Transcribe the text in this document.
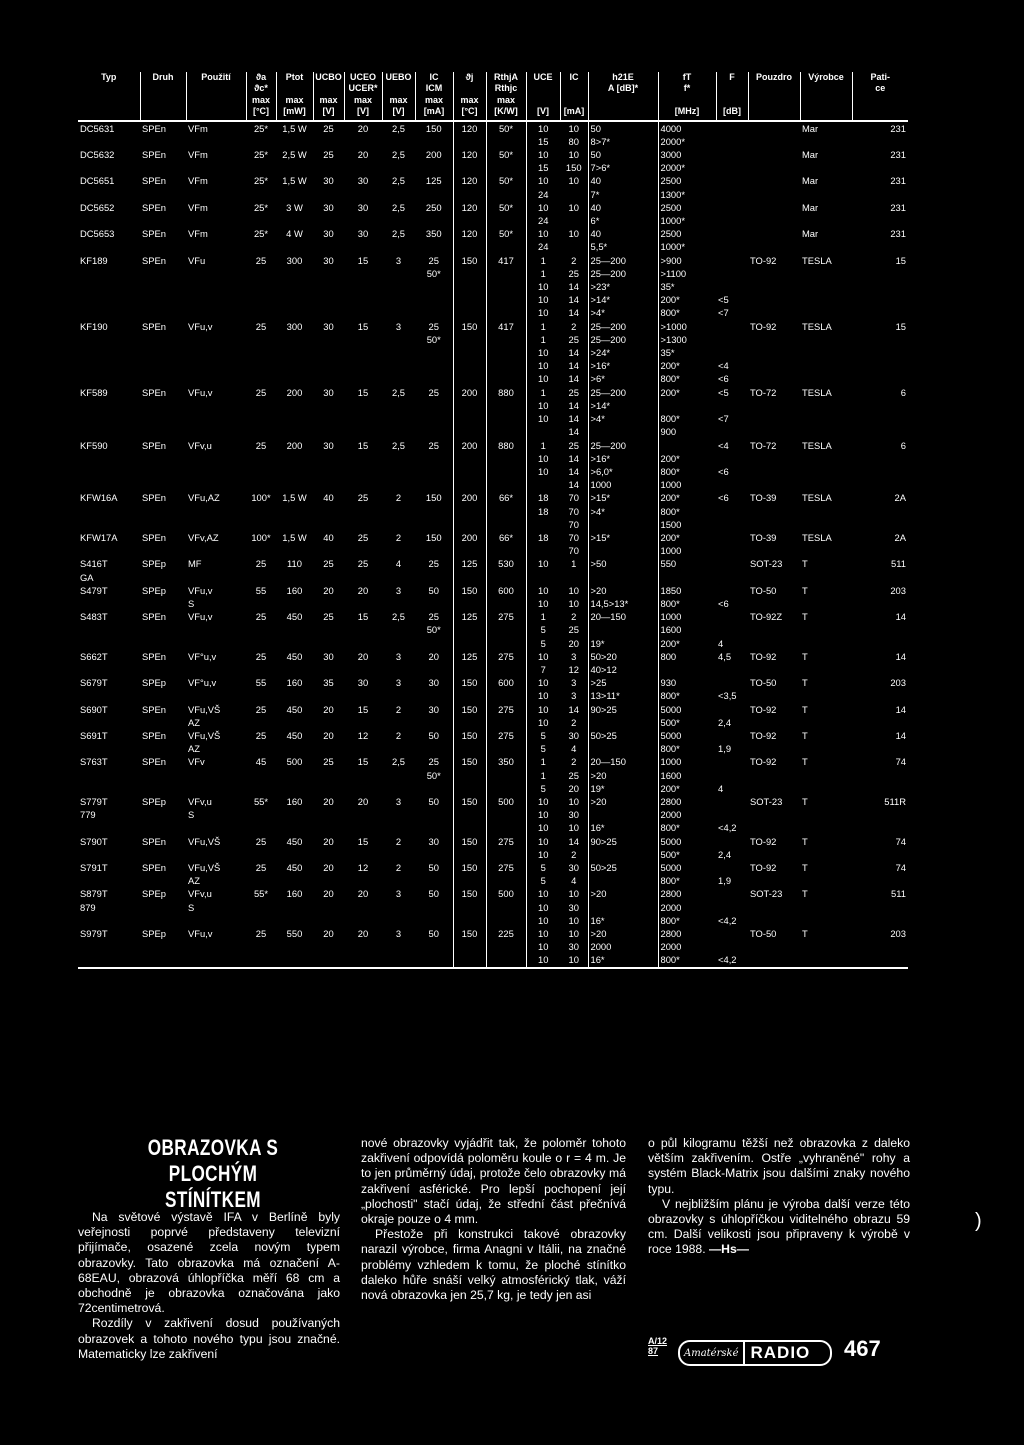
Typ	Druh	Použití	ϑa	Ptot	UCBO	UCEO	UEBO	IC	ϑj	RthjA	UCE	IC	h21E	fT	F	Pouzdro	Výrobce	Pati-
			ϑc*			UCER*		ICM		Rthjc			A [dB]*	f*				ce
			max	max	max	max	max	max	max	max								
			[°C]	[mW]	[V]	[V]	[V]	[mA]	[°C]	[K/W]	[V]	[mA]		[MHz]	[dB]			
DC5631	SPEn	VFm	25*	1,5 W	25	20	2,5	150	120	50*	10	10	50	4000			Mar	231
											15	80	8>7*	2000*				
DC5632	SPEn	VFm	25*	2,5 W	25	20	2,5	200	120	50*	10	10	50	3000			Mar	231
											15	150	7>6*	2000*				
DC5651	SPEn	VFm	25*	1,5 W	30	30	2,5	125	120	50*	10	10	40	2500			Mar	231
											24		7*	1300*				
DC5652	SPEn	VFm	25*	3 W	30	30	2,5	250	120	50*	10	10	40	2500			Mar	231
											24		6*	1000*				
DC5653	SPEn	VFm	25*	4 W	30	30	2,5	350	120	50*	10	10	40	2500			Mar	231
											24		5,5*	1000*				
KF189	SPEn	VFu	25	300	30	15	3	25	150	417	1	2	25—200	>900		TO-92	TESLA	15
								50*			1	25	25—200	>1100				
											10	14	>23*	35*				
											10	14	>14*	200*	<5			
											10	14	>4*	800*	<7			
KF190	SPEn	VFu,v	25	300	30	15	3	25	150	417	1	2	25—200	>1000		TO-92	TESLA	15
								50*			1	25	25—200	>1300				
											10	14	>24*	35*				
											10	14	>16*	200*	<4			
											10	14	>6*	800*	<6			
KF589	SPEn	VFu,v	25	200	30	15	2,5	25	200	880	1	25	25—200	200*	<5	TO-72	TESLA	6
											10	14	>14*					
											10	14	>4*	800*	<7			
												14		900				
KF590	SPEn	VFv,u	25	200	30	15	2,5	25	200	880	1	25	25—200		<4	TO-72	TESLA	6
											10	14	>16*	200*				
											10	14	>6,0*	800*	<6			
												14	1000	1000				
KFW16A	SPEn	VFu,AZ	100*	1,5 W	40	25	2	150	200	66*	18	70	>15*	200*	<6	TO-39	TESLA	2A
											18	70	>4*	800*				
												70		1500				
KFW17A	SPEn	VFv,AZ	100*	1,5 W	40	25	2	150	200	66*	18	70	>15*	200*		TO-39	TESLA	2A
												70		1000				
S416T	SPEp	MF	25	110	25	25	4	25	125	530	10	1	>50	550		SOT-23	T	511
GA																		
S479T	SPEp	VFu,v	55	160	20	20	3	50	150	600	10	10	>20	1850		TO-50	T	203
		S									10	10	14,5>13*	800*	<6			
S483T	SPEn	VFu,v	25	450	25	15	2,5	25	125	275	1	2	20—150	1000		TO-92Z	T	14
								50*			5	25		1600				
											5	20	19*	200*	4			
S662T	SPEn	VF°u,v	25	450	30	20	3	20	125	275	10	3	50>20	800	4,5	TO-92	T	14
											7	12	40>12					
S679T	SPEp	VF°u,v	55	160	35	30	3	30	150	600	10	3	>25	930		TO-50	T	203
											10	3	13>11*	800*	<3,5			
S690T	SPEn	VFu,VŠ	25	450	20	15	2	30	150	275	10	14	90>25	5000		TO-92	T	14
		AZ									10	2		500*	2,4			
S691T	SPEn	VFu,VŠ	25	450	20	12	2	50	150	275	5	30	50>25	5000		TO-92	T	14
		AZ									5	4		800*	1,9			
S763T	SPEn	VFv	45	500	25	15	2,5	25	150	350	1	2	20—150	1000		TO-92	T	74
								50*			1	25	>20	1600				
											5	20	19*	200*	4			
S779T	SPEp	VFv,u	55*	160	20	20	3	50	150	500	10	10	>20	2800		SOT-23	T	511R
779		S									10	30		2000				
											10	10	16*	800*	<4,2			
S790T	SPEn	VFu,VŠ	25	450	20	15	2	30	150	275	10	14	90>25	5000		TO-92	T	74
											10	2		500*	2,4			
S791T	SPEn	VFu,VŠ	25	450	20	12	2	50	150	275	5	30	50>25	5000		TO-92	T	74
		AZ									5	4		800*	1,9			
S879T	SPEp	VFv,u	55*	160	20	20	3	50	150	500	10	10	>20	2800		SOT-23	T	511
879		S									10	30		2000				
											10	10	16*	800*	<4,2			
S979T	SPEp	VFu,v	25	550	20	20	3	50	150	225	10	10	>20	2800		TO-50	T	203
											10	30	2000	2000				
											10	10	16*	800*	<4,2			
OBRAZOVKA S PLOCHÝM
STÍNÍTKEM

Na světové výstavě IFA v Berlíně byly veřejnosti poprvé představeny televizní přijímače, osazené zcela novým typem obrazovky. Tato obrazovka má označení A-68EAU, obrazová úhlopříčka měří 68 cm a obchodně je obrazovka označována jako 72centimetrová.

Rozdíly v zakřivení dosud používaných obrazovek a tohoto nového typu jsou značné. Matematicky lze zakřivení

nové obrazovky vyjádřit tak, že poloměr tohoto zakřivení odpovídá poloměru koule o r = 4 m. Je to jen průměrný údaj, protože čelo obrazovky má zakřivení asférické. Pro lepší pochopení její „plochosti" stačí údaj, že střední část přečnívá okraje pouze o 4 mm.

Přestože při konstrukci takové obrazovky narazil výrobce, firma Anagni v Itálii, na značné problémy vzhledem k tomu, že ploché stínítko daleko hůře snáší velký atmosférický tlak, váží nová obrazovka jen 25,7 kg, je tedy jen asi

o půl kilogramu těžší než obrazovka z daleko větším zakřivením. Ostře „vyhraněné" rohy a systém Black-Matrix jsou dalšími znaky nového typu.

V nejbližším plánu je výroba další verze této obrazovky s úhlopříčkou viditelného obrazu 59 cm. Další velikosti jsou připraveny k výrobě v roce 1988. —Hs—

)
A/12
87	Amatérské RADIO 467
